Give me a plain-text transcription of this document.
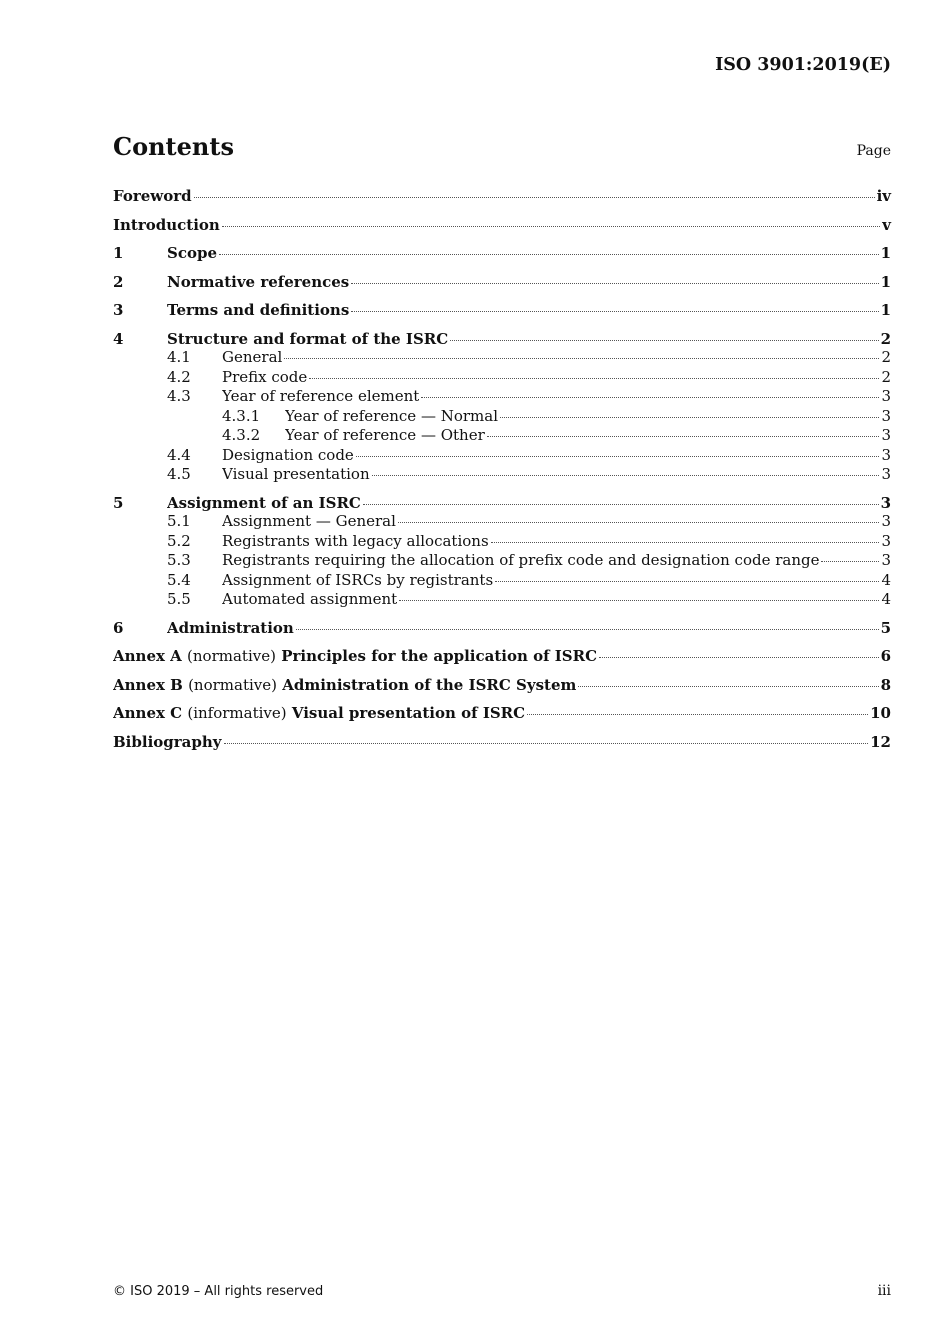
ISO 3901:2019(E)
Contents	Page
Foreword	iv
Introduction	v
1	Scope	1
2	Normative references	1
3	Terms and definitions	1
4	Structure and format of the ISRC	2
4.1	General	2
4.2	Prefix code	2
4.3	Year of reference element	3
4.3.1	Year of reference — Normal	3
4.3.2	Year of reference — Other	3
4.4	Designation code	3
4.5	Visual presentation	3
5	Assignment of an ISRC	3
5.1	Assignment — General	3
5.2	Registrants with legacy allocations	3
5.3	Registrants requiring the allocation of prefix code and designation code range	3
5.4	Assignment of ISRCs by registrants	4
5.5	Automated assignment	4
6	Administration	5
Annex A (normative) Principles for the application of ISRC	6
Annex B (normative) Administration of the ISRC System	8
Annex C (informative) Visual presentation of ISRC	10
Bibliography	12
© ISO 2019 – All rights reserved	iii
